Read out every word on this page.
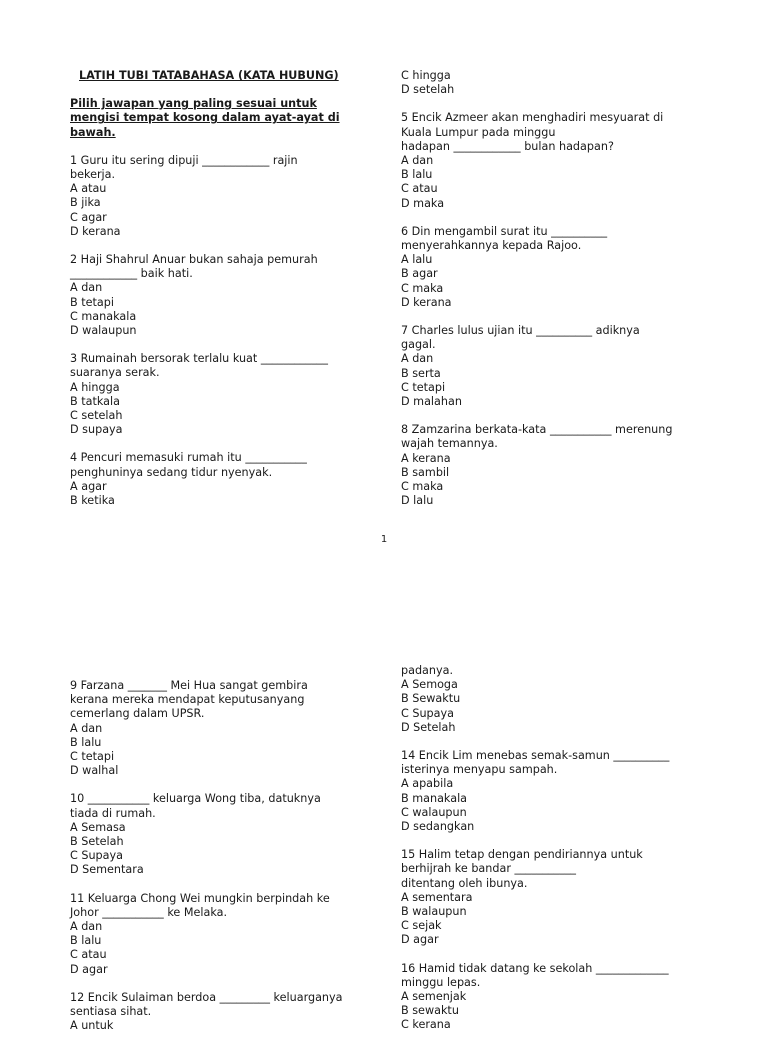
LATIH TUBI TATABAHASA (KATA HUBUNG)

Pilih jawapan yang paling sesuai untuk mengisi tempat kosong dalam ayat-ayat di bawah.

1 Guru itu sering dipuji ____________ rajin

bekerja.

A atau

B jika

C agar

D kerana

2 Haji Shahrul Anuar bukan sahaja pemurah

____________ baik hati.

A dan

B tetapi

C manakala

D walaupun

3 Rumainah bersorak terlalu kuat ____________

suaranya serak.

A hingga

B tatkala

C setelah

D supaya

4 Pencuri memasuki rumah itu ___________

penghuninya sedang tidur nyenyak.

A agar

B ketika

C hingga

D setelah

5 Encik Azmeer akan menghadiri mesyuarat di

Kuala Lumpur pada minggu

hadapan ____________ bulan hadapan?

A dan

B lalu

C atau

D maka

6 Din mengambil surat itu __________

menyerahkannya kepada Rajoo.

A lalu

B agar

C maka

D kerana

7 Charles lulus ujian itu __________ adiknya

gagal.

A dan

B serta

C tetapi

D malahan

8 Zamzarina berkata-kata ___________ merenung

wajah temannya.

A kerana

B sambil

C maka

D lalu

1

9 Farzana _______ Mei Hua sangat gembira

kerana mereka mendapat keputusanyang

cemerlang dalam UPSR.

A dan

B lalu

C tetapi

D walhal

10 ___________ keluarga Wong tiba, datuknya

tiada di rumah.

A Semasa

B Setelah

C Supaya

D Sementara

11 Keluarga Chong Wei mungkin berpindah ke

Johor ___________ ke Melaka.

A dan

B lalu

C atau

D agar

12 Encik Sulaiman berdoa _________ keluarganya

sentiasa sihat.

A untuk

padanya.

A Semoga

B Sewaktu

C Supaya

D Setelah

14 Encik Lim menebas semak-samun __________

isterinya menyapu sampah.

A apabila

B manakala

C walaupun

D sedangkan

15 Halim tetap dengan pendiriannya untuk

berhijrah ke bandar ___________

ditentang oleh ibunya.

A sementara

B walaupun

C sejak

D agar

16 Hamid tidak datang ke sekolah _____________

minggu lepas.

A semenjak

B sewaktu

C kerana
